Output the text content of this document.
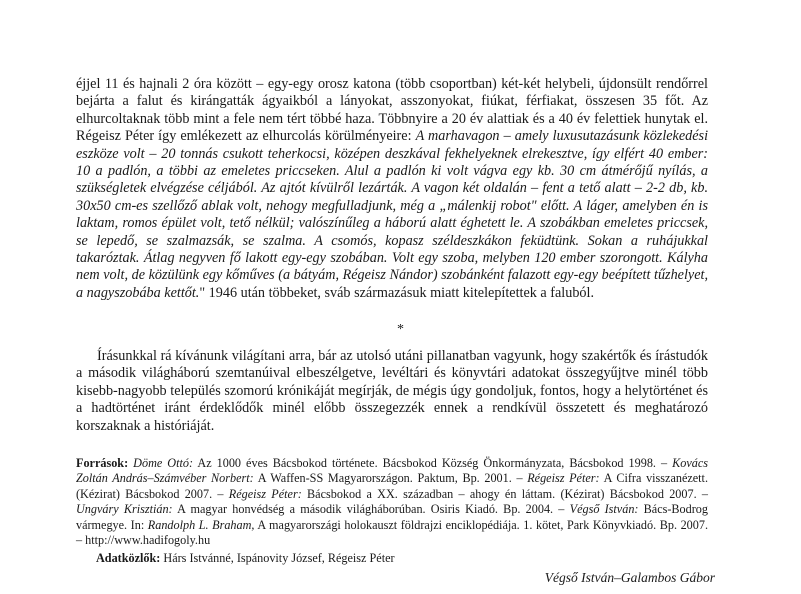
éjjel 11 és hajnali 2 óra között – egy-egy orosz katona (több csoportban) két-két helybeli, újdonsült rendőrrel bejárta a falut és kirángatták ágyaikból a lányokat, asszonyokat, fiúkat, férfiakat, összesen 35 főt. Az elhurcoltaknak több mint a fele nem tért többé haza. Többnyire a 20 év alattiak és a 40 év felettiek hunytak el. Régeisz Péter így emlékezett az elhurcolás körülményeire: A marhavagon – amely luxusutazásunk közlekedési eszköze volt – 20 tonnás csukott teherkocsi, középen deszkával fekhelyeknek elrekesztve, így elfért 40 ember: 10 a padlón, a többi az emeletes priccseken. Alul a padlón ki volt vágva egy kb. 30 cm átmérőjű nyílás, a szükségletek elvégzése céljából. Az ajtót kívülről lezárták. A vagon két oldalán – fent a tető alatt – 2-2 db, kb. 30x50 cm-es szellőző ablak volt, nehogy megfulladjunk, még a „málenkij robot" előtt. A láger, amelyben én is laktam, romos épület volt, tető nélkül; valószínűleg a háború alatt éghetett le. A szobákban emeletes priccsek, se lepedő, se szalmazsák, se szalma. A csomós, kopasz széldeszkákon feküdtünk. Sokan a ruhájukkal takaróztak. Átlag negyven fő lakott egy-egy szobában. Volt egy szoba, melyben 120 ember szorongott. Kályha nem volt, de közülünk egy kőműves (a bátyám, Régeisz Nándor) szobánként falazott egy-egy beépített tűzhelyet, a nagyszobába kettőt." 1946 után többeket, sváb származásuk miatt kitelepítettek a faluból.

*

Írásunkkal rá kívánunk világítani arra, bár az utolsó utáni pillanatban vagyunk, hogy szakértők és írástudók a második világháború szemtanúival elbeszélgetve, levéltári és könyvtári adatokat összegyűjtve minél több kisebb-nagyobb település szomorú krónikáját megírják, de mégis úgy gondoljuk, fontos, hogy a helytörténet és a hadtörténet iránt érdeklődők minél előbb összegezzék ennek a rendkívül összetett és meghatározó korszaknak a históriáját.

Források: Döme Ottó: Az 1000 éves Bácsbokod története. Bácsbokod Község Önkormányzata, Bácsbokod 1998. – Kovács Zoltán András–Számvéber Norbert: A Waffen-SS Magyarországon. Paktum, Bp. 2001. – Régeisz Péter: A Cifra visszanézett. (Kézirat) Bácsbokod 2007. – Régeisz Péter: Bácsbokod a XX. században – ahogy én láttam. (Kézirat) Bácsbokod 2007. – Ungváry Krisztián: A magyar honvédség a második világháborúban. Osiris Kiadó. Bp. 2004. – Végső István: Bács-Bodrog vármegye. In: Randolph L. Braham, A magyarországi holokauszt földrajzi enciklopédiája. 1. kötet, Park Könyvkiadó. Bp. 2007. – http://www.hadifogoly.hu

Adatközlők: Hárs Istvánné, Ispánovity József, Régeisz Péter
Végső István–Galambos Gábor
